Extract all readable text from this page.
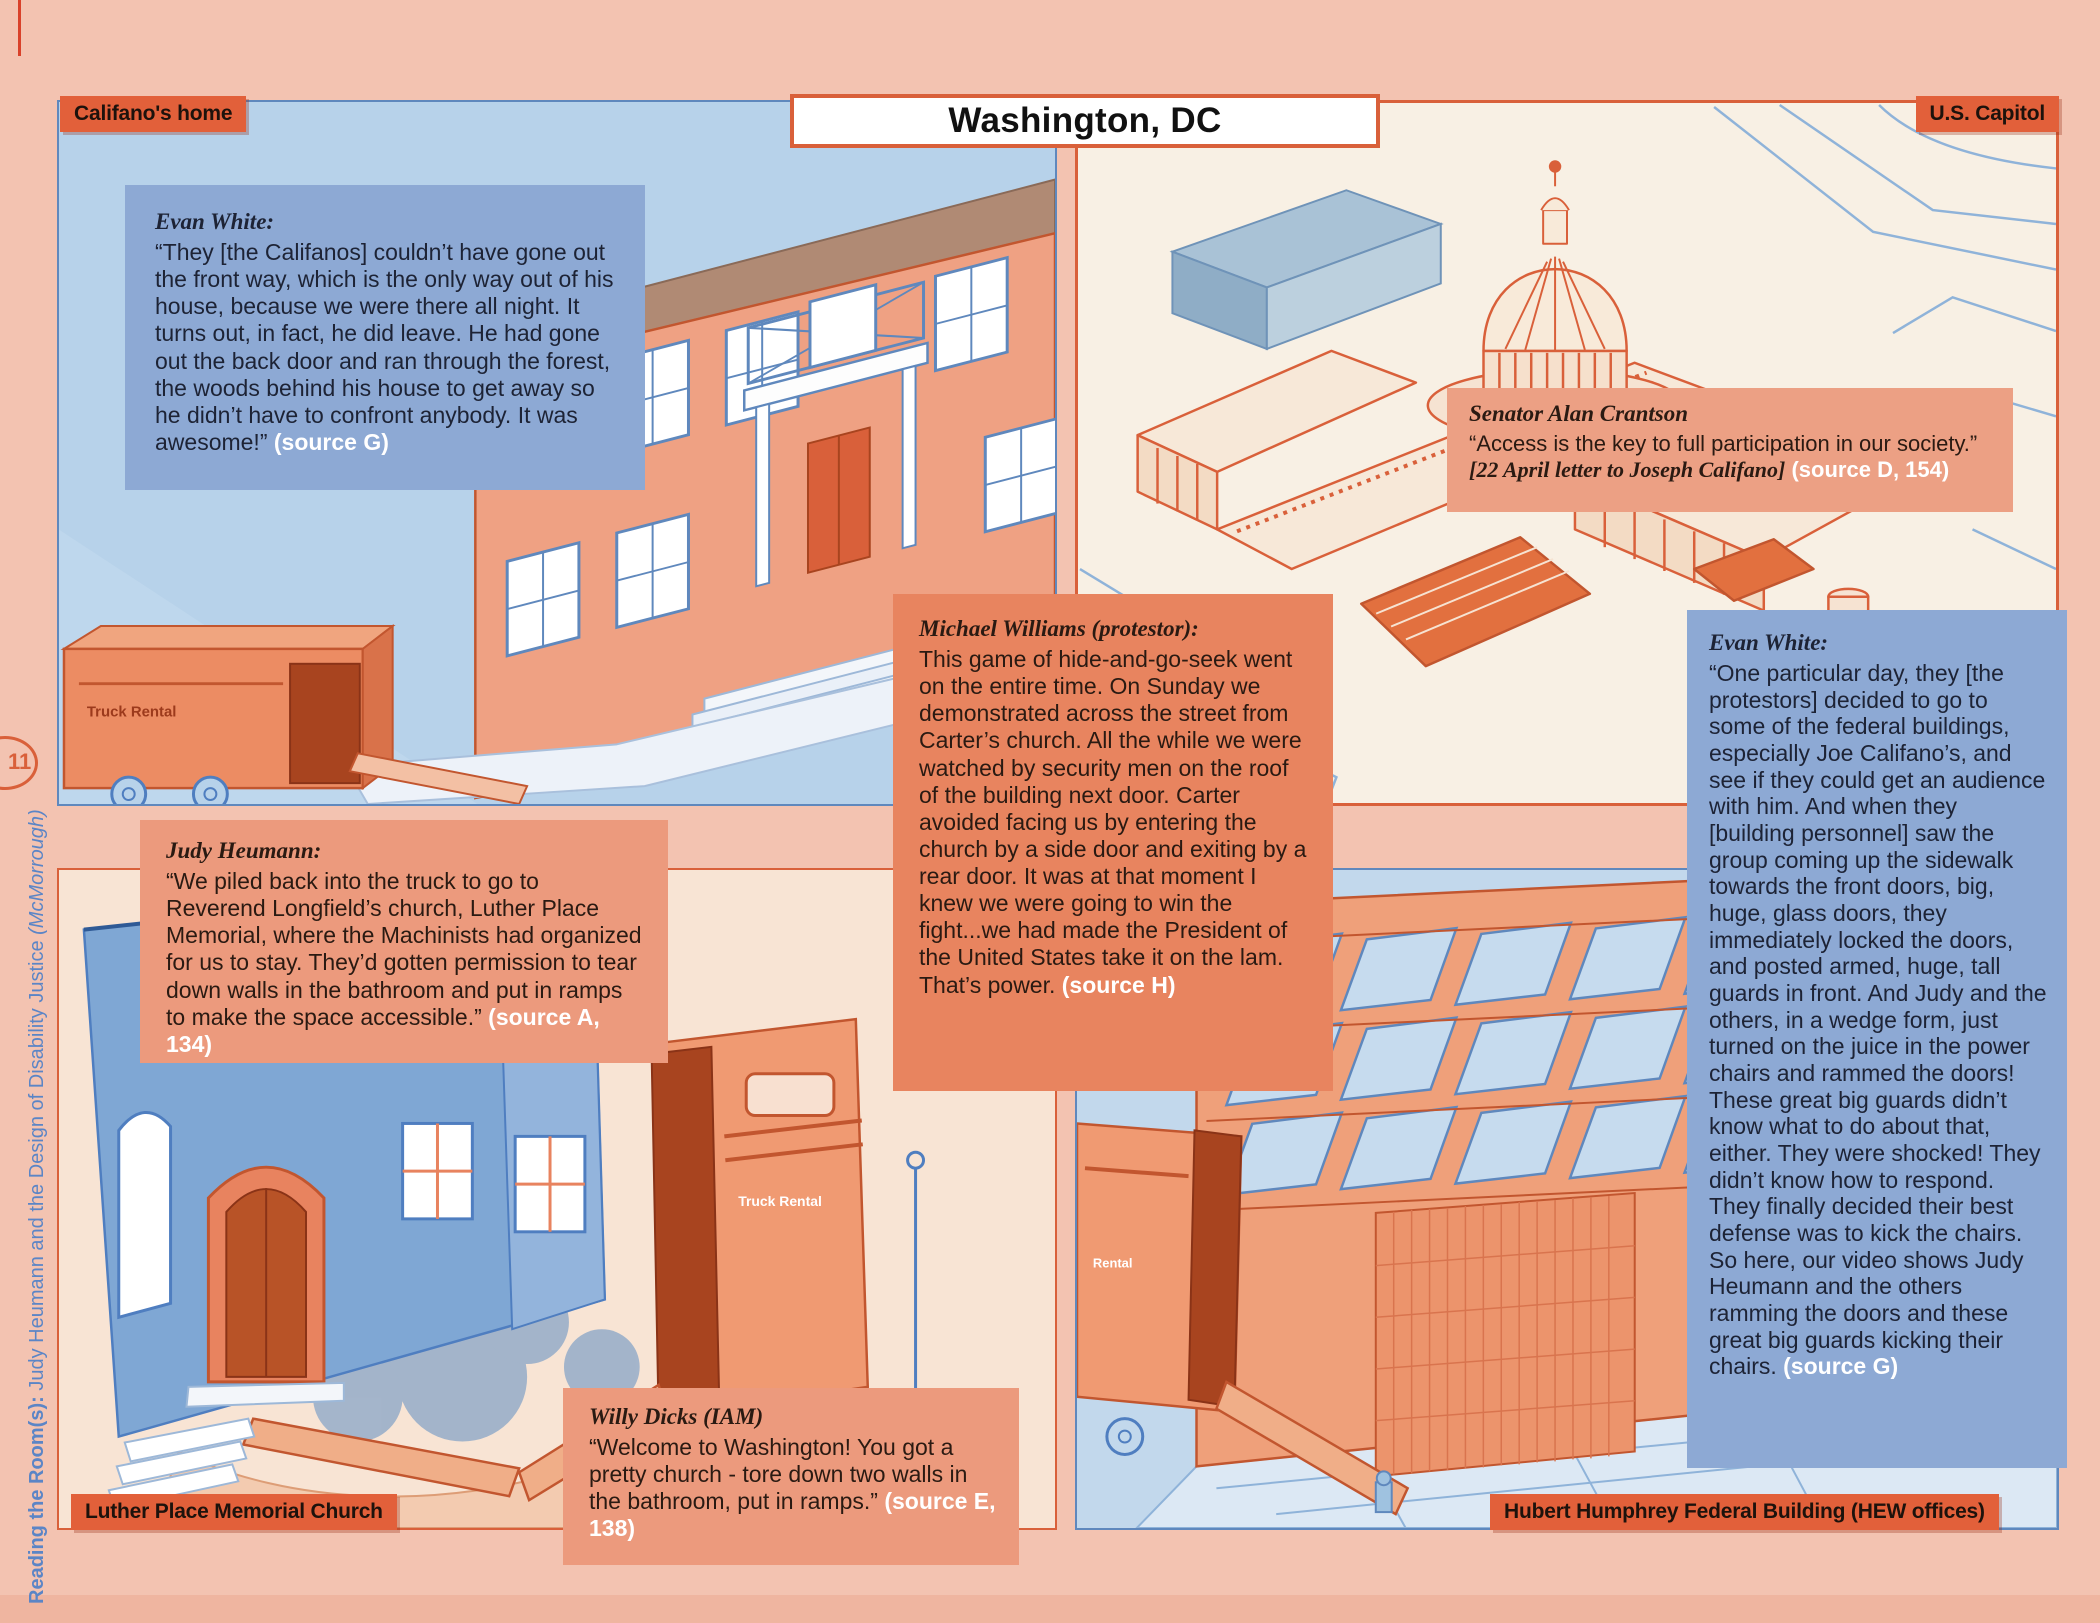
Truck Rental
Truck Rental
Rental
Califano's home	U.S. Capitol
Luther Place Memorial Church	Hubert Humphrey Federal Building (HEW offices)
Washington, DC
Evan White:

“They [the Califanos] couldn’t have gone out the front way, which is the only way out of his house, because we were there all night. It turns out, in fact, he did leave. He had gone out the back door and ran through the forest, the woods behind his house to get away so he didn’t have to confront anybody. It was awesome!” (source G)

Senator Alan Crantson

“Access is the key to full participation in our society.”
[22 April letter to Joseph Califano] (source D, 154)

Michael Williams (protestor):

This game of hide-and-go-seek went on the entire time. On Sunday we demonstrated across the street from Carter’s church. All the while we were watched by security men on the roof of the building next door. Carter avoided facing us by entering the church by a side door and exiting by a rear door. It was at that moment I knew we were going to win the fight...we had made the President of the United States take it on the lam. That’s power. (source H)

Judy Heumann:

“We piled back into the truck to go to Reverend Longfield’s church, Luther Place Memorial, where the Machinists had organized for us to stay. They’d gotten permission to tear down walls in the bathroom and put in ramps to make the space accessible.” (source A, 134)

Willy Dicks (IAM)

“Welcome to Washington! You got a pretty church - tore down two walls in the bathroom, put in ramps.” (source E, 138)

Evan White:

“One particular day, they [the protestors] decided to go to some of the federal buildings, especially Joe Califano’s, and see if they could get an audience with him. And when they [building personnel] saw the group coming up the sidewalk towards the front doors, big, huge, glass doors, they immediately locked the doors, and posted armed, huge, tall guards in front. And Judy and the others, in a wedge form, just turned on the juice in the power chairs and rammed the doors! These great big guards didn’t know what to do about that, either. They were shocked! They didn’t know how to respond. They finally decided their best defense was to kick the chairs. So here, our video shows Judy Heumann and the others ramming the doors and these great big guards kicking their chairs. (source G)

Reading the Room(s): Judy Heumann and the Design of Disability Justice (McMorrough)
11
